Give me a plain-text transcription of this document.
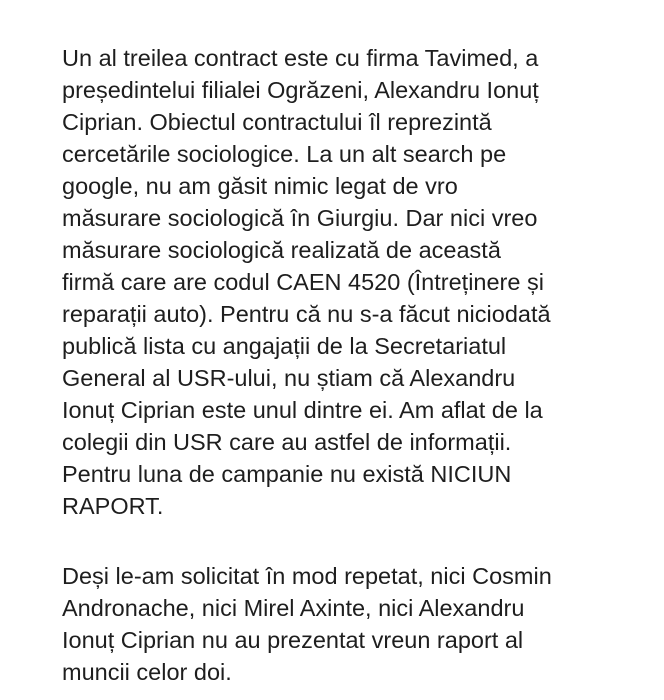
Un al treilea contract este cu firma Tavimed, a
președintelui filialei Ogrăzeni, Alexandru Ionuț
Ciprian. Obiectul contractului îl reprezintă
cercetările sociologice. La un alt search pe
google, nu am găsit nimic legat de vro
măsurare sociologică în Giurgiu. Dar nici vreo
măsurare sociologică realizată de această
firmă care are codul CAEN 4520 (Întreținere și
reparații auto). Pentru că nu s-a făcut niciodată
publică lista cu angajații de la Secretariatul
General al USR-ului, nu știam că Alexandru
Ionuț Ciprian este unul dintre ei. Am aflat de la
colegii din USR care au astfel de informații.
Pentru luna de campanie nu există NICIUN
RAPORT.
Deși le-am solicitat în mod repetat, nici Cosmin
Andronache, nici Mirel Axinte, nici Alexandru
Ionuț Ciprian nu au prezentat vreun raport al
muncii celor doi.
